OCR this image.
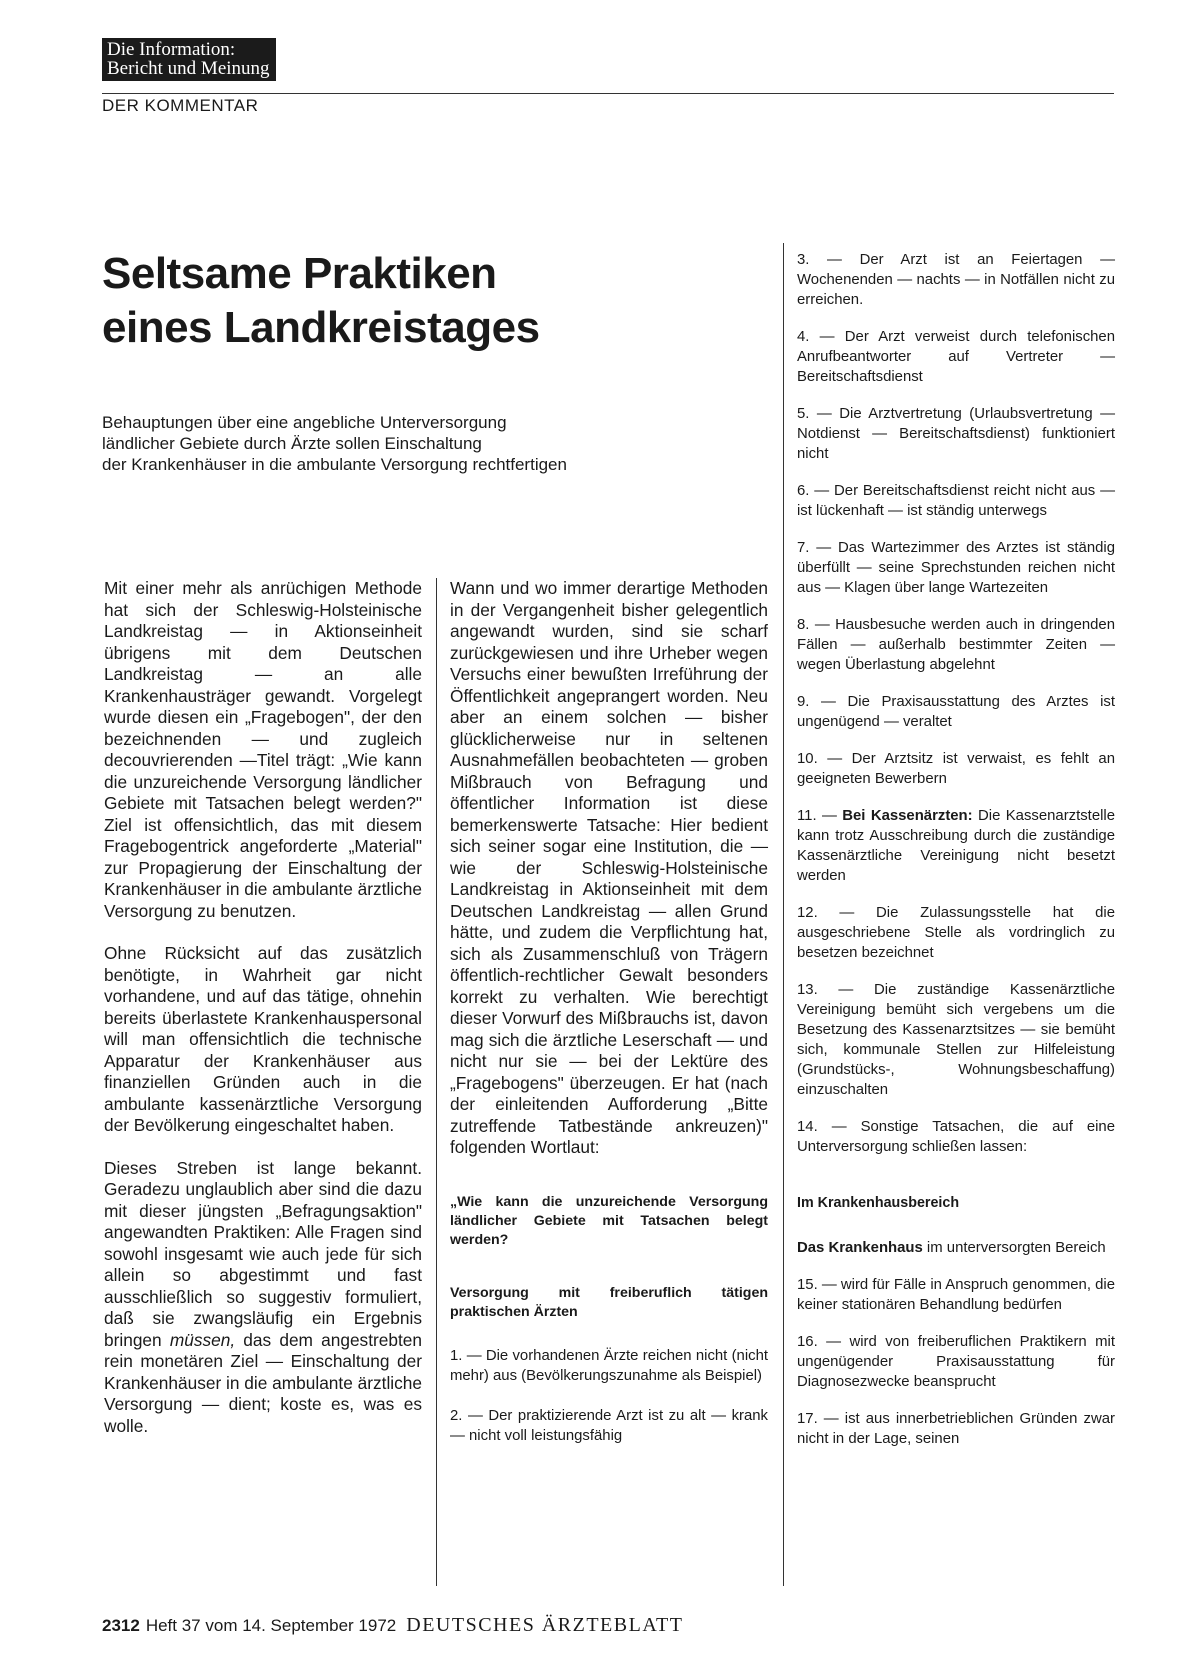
Die Information:
Bericht und Meinung
DER KOMMENTAR
Seltsame Praktiken
eines Landkreistages

Behauptungen über eine angebliche Unterversorgung
ländlicher Gebiete durch Ärzte sollen Einschaltung
der Krankenhäuser in die ambulante Versorgung rechtfertigen

Mit einer mehr als anrüchigen Methode hat sich der Schleswig-Holsteinische Landkreistag — in Aktionseinheit übrigens mit dem Deutschen Landkreistag — an alle Krankenhausträger gewandt. Vorgelegt wurde diesen ein „Fragebogen", der den bezeichnenden — und zugleich decouvrierenden —Titel trägt: „Wie kann die unzureichende Versorgung ländlicher Gebiete mit Tatsachen belegt werden?" Ziel ist offensichtlich, das mit diesem Fragebogentrick angeforderte „Material" zur Propagierung der Einschaltung der Krankenhäuser in die ambulante ärztliche Versorgung zu benutzen.

Ohne Rücksicht auf das zusätzlich benötigte, in Wahrheit gar nicht vorhandene, und auf das tätige, ohnehin bereits überlastete Krankenhauspersonal will man offensichtlich die technische Apparatur der Krankenhäuser aus finanziellen Gründen auch in die ambulante kassenärztliche Versorgung der Bevölkerung eingeschaltet haben.

Dieses Streben ist lange bekannt. Geradezu unglaublich aber sind die dazu mit dieser jüngsten „Befragungsaktion" angewandten Praktiken: Alle Fragen sind sowohl insgesamt wie auch jede für sich allein so abgestimmt und fast ausschließlich so suggestiv formuliert, daß sie zwangsläufig ein Ergebnis bringen müssen, das dem angestrebten rein monetären Ziel — Einschaltung der Krankenhäuser in die ambulante ärztliche Versorgung — dient; koste es, was es wolle.

Wann und wo immer derartige Methoden in der Vergangenheit bisher gelegentlich angewandt wurden, sind sie scharf zurückgewiesen und ihre Urheber wegen Versuchs einer bewußten Irreführung der Öffentlichkeit angeprangert worden. Neu aber an einem solchen — bisher glücklicherweise nur in seltenen Ausnahmefällen beobachteten — groben Mißbrauch von Befragung und öffentlicher Information ist diese bemerkenswerte Tatsache: Hier bedient sich seiner sogar eine Institution, die — wie der Schleswig-Holsteinische Landkreistag in Aktionseinheit mit dem Deutschen Landkreistag — allen Grund hätte, und zudem die Verpflichtung hat, sich als Zusammenschluß von Trägern öffentlich-rechtlicher Gewalt besonders korrekt zu verhalten. Wie berechtigt dieser Vorwurf des Mißbrauchs ist, davon mag sich die ärztliche Leserschaft — und nicht nur sie — bei der Lektüre des „Fragebogens" überzeugen. Er hat (nach der einleitenden Aufforderung „Bitte zutreffende Tatbestände ankreuzen)" folgenden Wortlaut:

„Wie kann die unzureichende Versorgung ländlicher Gebiete mit Tatsachen belegt werden?

Versorgung mit freiberuflich tätigen praktischen Ärzten

1. — Die vorhandenen Ärzte reichen nicht (nicht mehr) aus (Bevölkerungszunahme als Beispiel)

2. — Der praktizierende Arzt ist zu alt — krank — nicht voll leistungsfähig

3. — Der Arzt ist an Feiertagen — Wochenenden — nachts — in Notfällen nicht zu erreichen.

4. — Der Arzt verweist durch telefonischen Anrufbeantworter auf Vertreter — Bereitschaftsdienst

5. — Die Arztvertretung (Urlaubsvertretung — Notdienst — Bereitschaftsdienst) funktioniert nicht

6. — Der Bereitschaftsdienst reicht nicht aus — ist lückenhaft — ist ständig unterwegs

7. — Das Wartezimmer des Arztes ist ständig überfüllt — seine Sprechstunden reichen nicht aus — Klagen über lange Wartezeiten

8. — Hausbesuche werden auch in dringenden Fällen — außerhalb bestimmter Zeiten — wegen Überlastung abgelehnt

9. — Die Praxisausstattung des Arztes ist ungenügend — veraltet

10. — Der Arztsitz ist verwaist, es fehlt an geeigneten Bewerbern

11. — Bei Kassenärzten: Die Kassenarztstelle kann trotz Ausschreibung durch die zuständige Kassenärztliche Vereinigung nicht besetzt werden

12. — Die Zulassungsstelle hat die ausgeschriebene Stelle als vordringlich zu besetzen bezeichnet

13. — Die zuständige Kassenärztliche Vereinigung bemüht sich vergebens um die Besetzung des Kassenarztsitzes — sie bemüht sich, kommunale Stellen zur Hilfeleistung (Grundstücks-, Wohnungsbeschaffung) einzuschalten

14. — Sonstige Tatsachen, die auf eine Unterversorgung schließen lassen:

Im Krankenhausbereich

Das Krankenhaus im unterversorgten Bereich

15. — wird für Fälle in Anspruch genommen, die keiner stationären Behandlung bedürfen

16. — wird von freiberuflichen Praktikern mit ungenügender Praxisausstattung für Diagnosezwecke beansprucht

17. — ist aus innerbetrieblichen Gründen zwar nicht in der Lage, seinen

2312 Heft 37 vom 14. September 1972 DEUTSCHES ÄRZTEBLATT
